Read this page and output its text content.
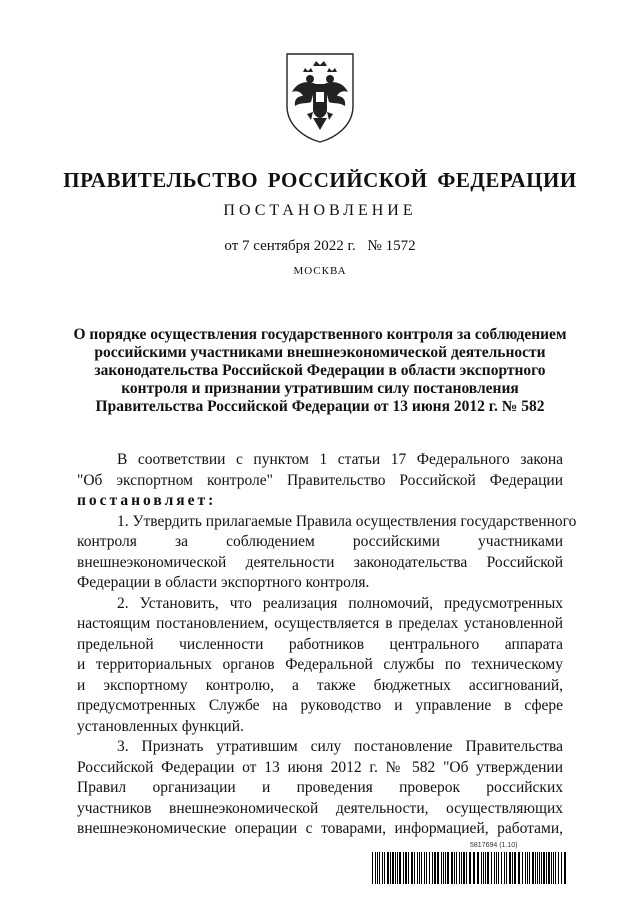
ПРАВИТЕЛЬСТВО РОССИЙСКОЙ ФЕДЕРАЦИИ
ПОСТАНОВЛЕНИЕ
от 7 сентября 2022 г. № 1572
МОСКВА
О порядке осуществления государственного контроля за соблюдением
российскими участниками внешнеэкономической деятельности
законодательства Российской Федерации в области экспортного
контроля и признании утратившим силу постановления
Правительства Российской Федерации от 13 июня 2012 г. № 582

В соответствии с пунктом 1 статьи 17 Федерального закона
"Об экспортном контроле" Правительство Российской Федерации
постановляет:

1. Утвердить прилагаемые Правила осуществления государственного
контроля за соблюдением российскими участниками
внешнеэкономической деятельности законодательства Российской
Федерации в области экспортного контроля.

2. Установить, что реализация полномочий, предусмотренных
настоящим постановлением, осуществляется в пределах установленной
предельной численности работников центрального аппарата
и территориальных органов Федеральной службы по техническому
и экспортному контролю, а также бюджетных ассигнований,
предусмотренных Службе на руководство и управление в сфере
установленных функций.

3. Признать утратившим силу постановление Правительства
Российской Федерации от 13 июня 2012 г. № 582 "Об утверждении
Правил организации и проведения проверок российских
участников внешнеэкономической деятельности, осуществляющих
внешнеэкономические операции с товарами, информацией, работами,

5817694 (1.10)
